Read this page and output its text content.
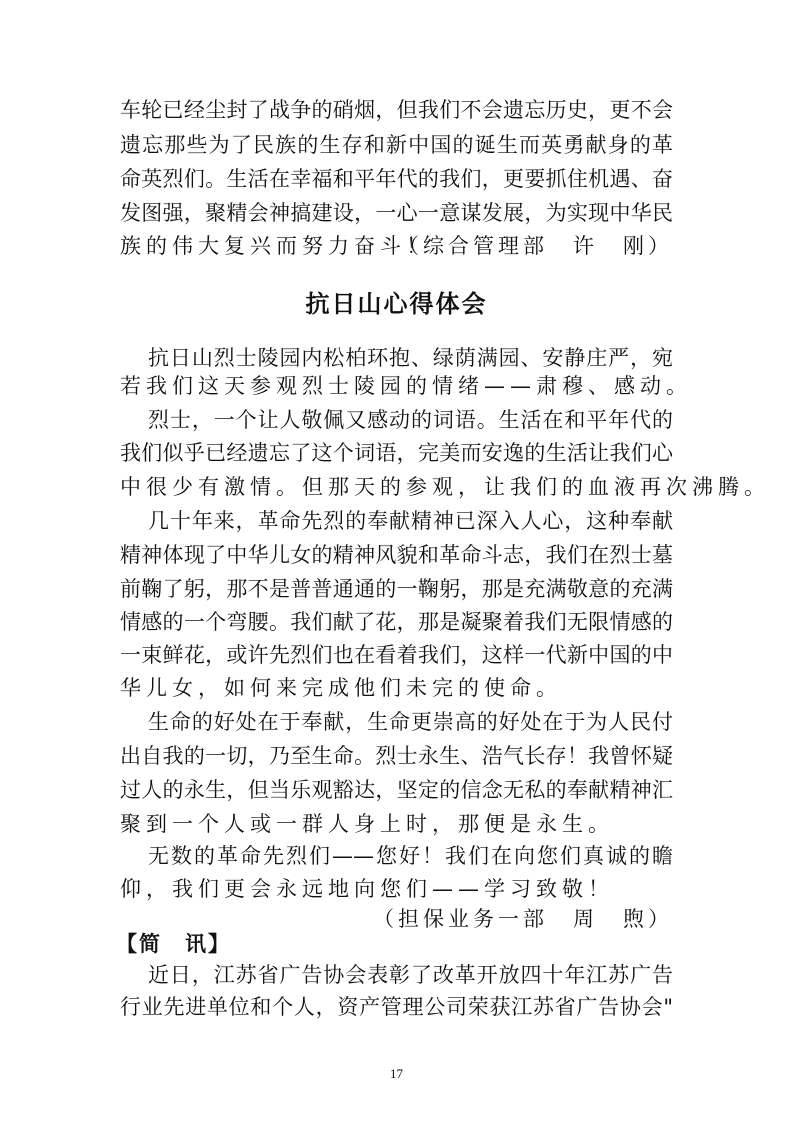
车轮已经尘封了战争的硝烟，但我们不会遗忘历史，更不会
遗忘那些为了民族的生存和新中国的诞生而英勇献身的革
命英烈们。生活在幸福和平年代的我们，更要抓住机遇、奋
发图强，聚精会神搞建设，一心一意谋发展，为实现中华民
族的伟大复兴而努力奋斗！
（综合管理部　许　刚）
抗日山心得体会
抗日山烈士陵园内松柏环抱、绿荫满园、安静庄严，宛
若我们这天参观烈士陵园的情绪——肃穆、感动。
烈士，一个让人敬佩又感动的词语。生活在和平年代的
我们似乎已经遗忘了这个词语，完美而安逸的生活让我们心
中很少有激情。但那天的参观，让我们的血液再次沸腾。
几十年来，革命先烈的奉献精神已深入人心，这种奉献
精神体现了中华儿女的精神风貌和革命斗志，我们在烈士墓
前鞠了躬，那不是普普通通的一鞠躬，那是充满敬意的充满
情感的一个弯腰。我们献了花，那是凝聚着我们无限情感的
一束鲜花，或许先烈们也在看着我们，这样一代新中国的中
华儿女，如何来完成他们未完的使命。
生命的好处在于奉献，生命更崇高的好处在于为人民付
出自我的一切，乃至生命。烈士永生、浩气长存！我曾怀疑
过人的永生，但当乐观豁达，坚定的信念无私的奉献精神汇
聚到一个人或一群人身上时，那便是永生。
无数的革命先烈们——您好！我们在向您们真诚的瞻
仰，我们更会永远地向您们——学习致敬！
（担保业务一部　周　煦）
【简　讯】
近日，江苏省广告协会表彰了改革开放四十年江苏广告
行业先进单位和个人，资产管理公司荣获江苏省广告协会"
17
